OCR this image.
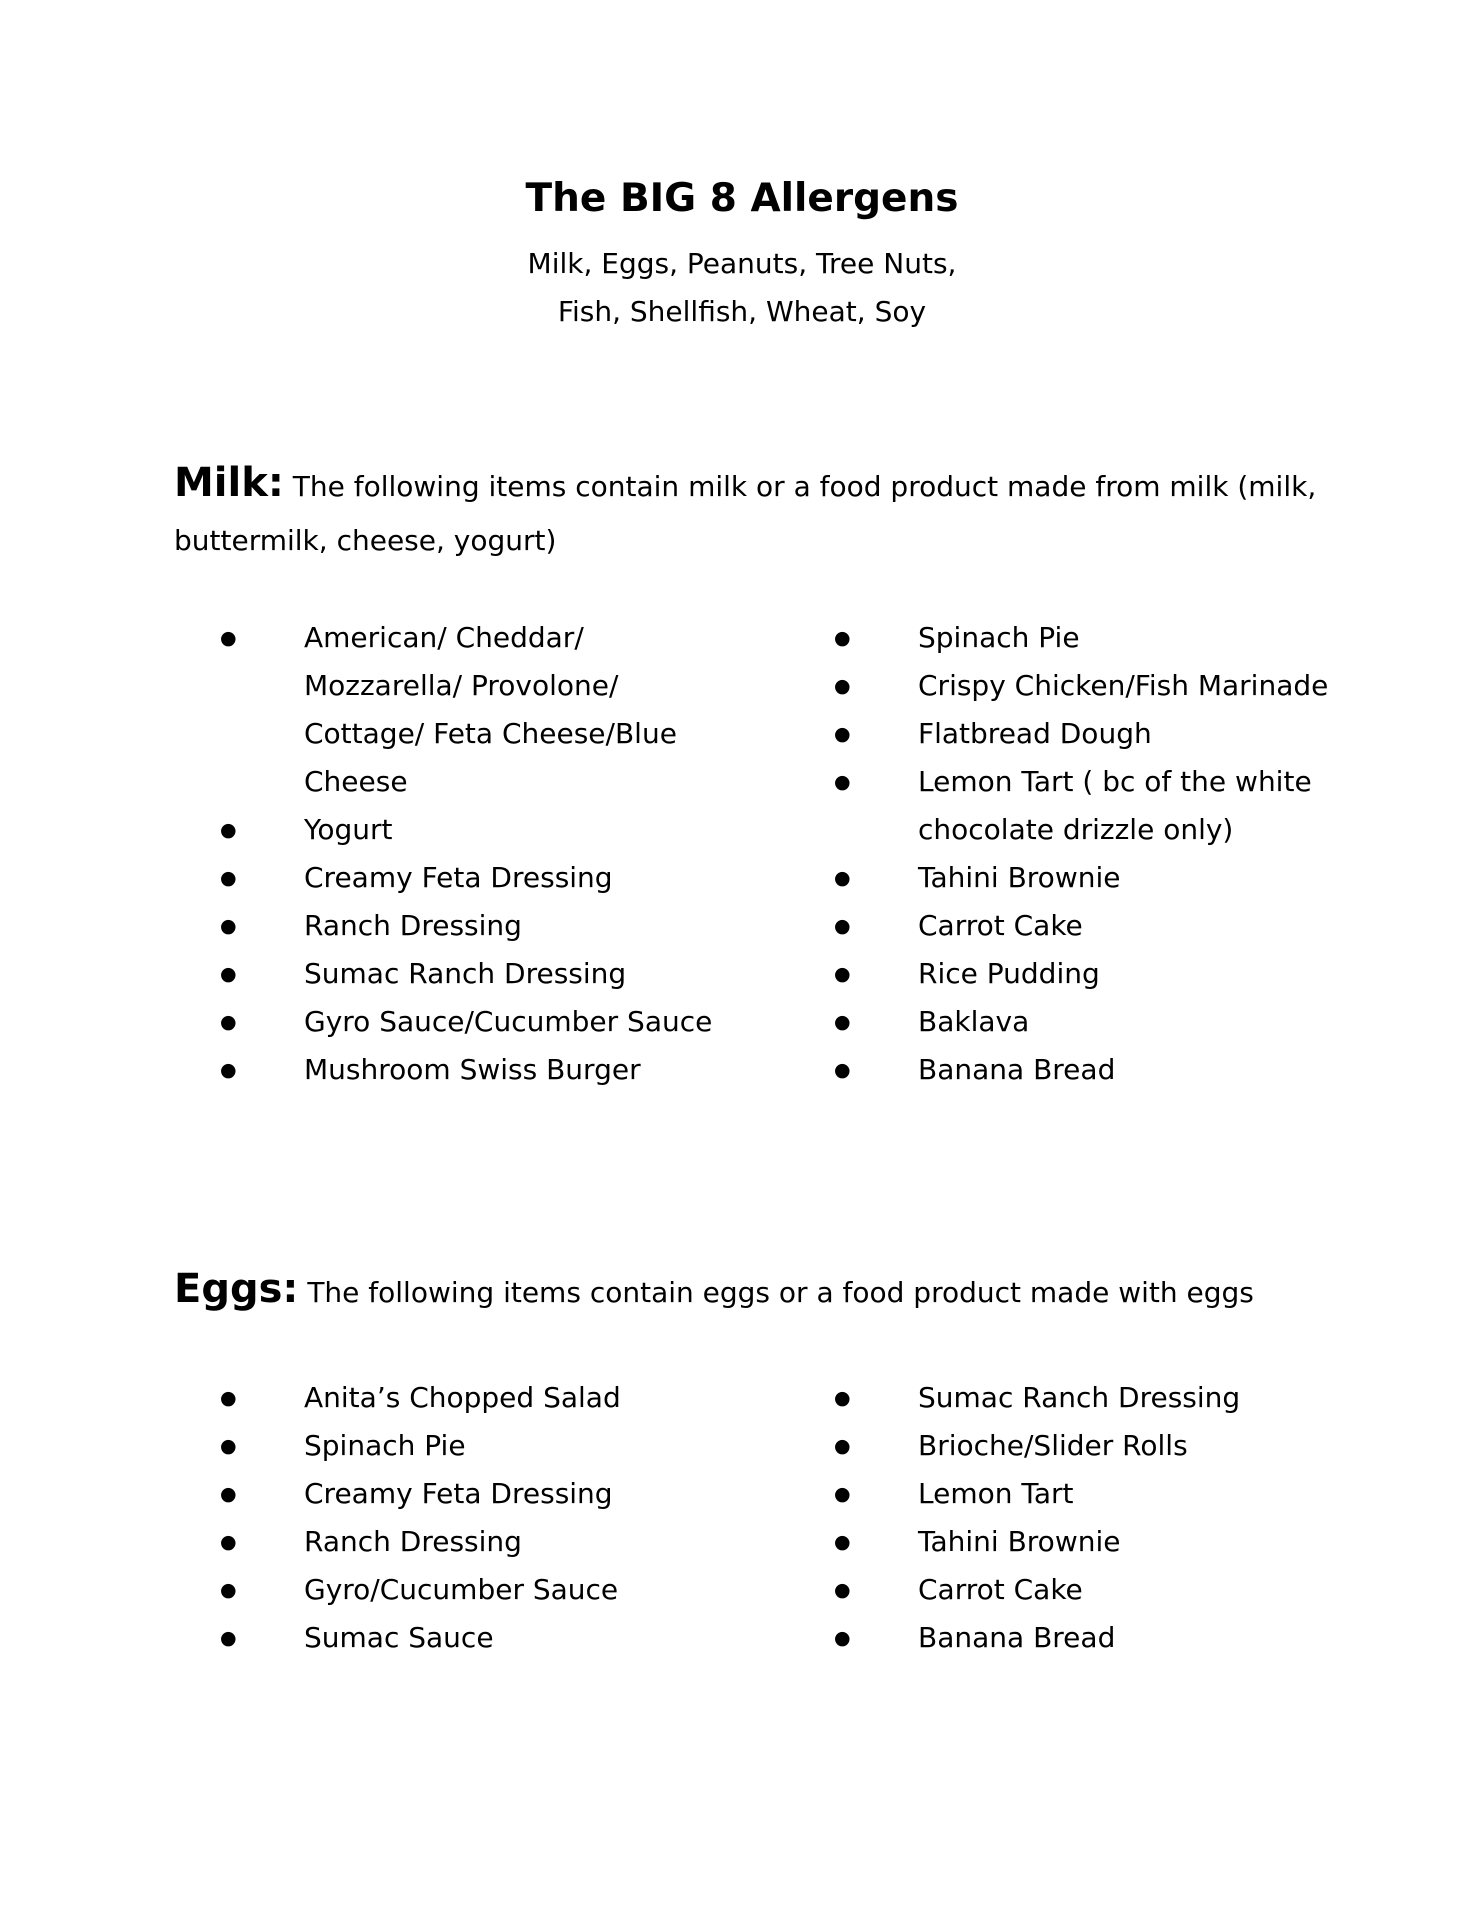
The BIG 8 Allergens
Milk, Eggs, Peanuts, Tree Nuts,
Fish, Shellfish, Wheat, Soy
Milk: The following items contain milk or a food product made from milk (milk, buttermilk, cheese, yogurt)
● American/ Cheddar/ Mozzarella/ Provolone/ Cottage/ Feta Cheese/Blue Cheese
● Yogurt
● Creamy Feta Dressing
● Ranch Dressing
● Sumac Ranch Dressing
● Gyro Sauce/Cucumber Sauce
● Mushroom Swiss Burger
● Spinach Pie
● Crispy Chicken/Fish Marinade
● Flatbread Dough
● Lemon Tart ( bc of the white chocolate drizzle only)
● Tahini Brownie
● Carrot Cake
● Rice Pudding
● Baklava
● Banana Bread
Eggs: The following items contain eggs or a food product made with eggs
● Anita’s Chopped Salad
● Spinach Pie
● Creamy Feta Dressing
● Ranch Dressing
● Gyro/Cucumber Sauce
● Sumac Sauce
● Sumac Ranch Dressing
● Brioche/Slider Rolls
● Lemon Tart
● Tahini Brownie
● Carrot Cake
● Banana Bread
